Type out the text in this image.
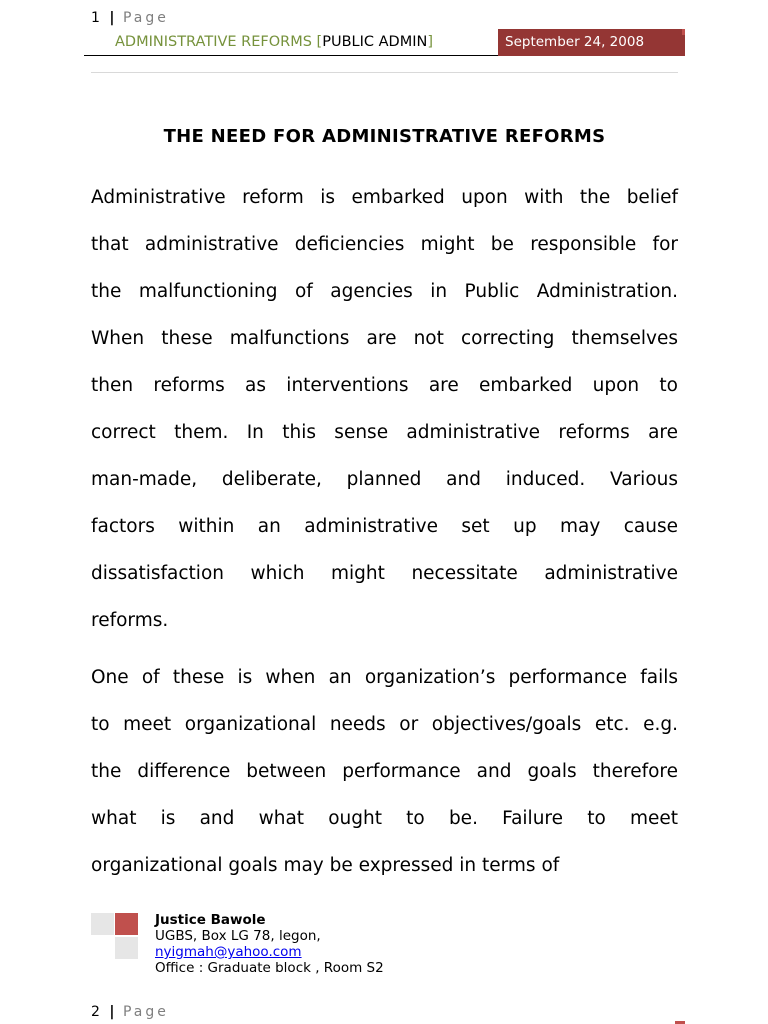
1 | Page
ADMINISTRATIVE REFORMS [PUBLIC ADMIN]	September 24, 2008
THE NEED FOR ADMINISTRATIVE REFORMS
Administrative reform is embarked upon with the belief
that administrative deficiencies might be responsible for
the malfunctioning of agencies in Public Administration.
When these malfunctions are not correcting themselves
then reforms as interventions are embarked upon to
correct them. In this sense administrative reforms are
man-made, deliberate, planned and induced. Various
factors within an administrative set up may cause
dissatisfaction which might necessitate administrative
reforms.
One of these is when an organization’s performance fails
to meet organizational needs or objectives/goals etc. e.g.
the difference between performance and goals therefore
what is and what ought to be. Failure to meet
organizational goals may be expressed in terms of
Justice Bawole
UGBS, Box LG 78, legon,
nyigmah@yahoo.com
Office : Graduate block , Room S2
2 | Page
